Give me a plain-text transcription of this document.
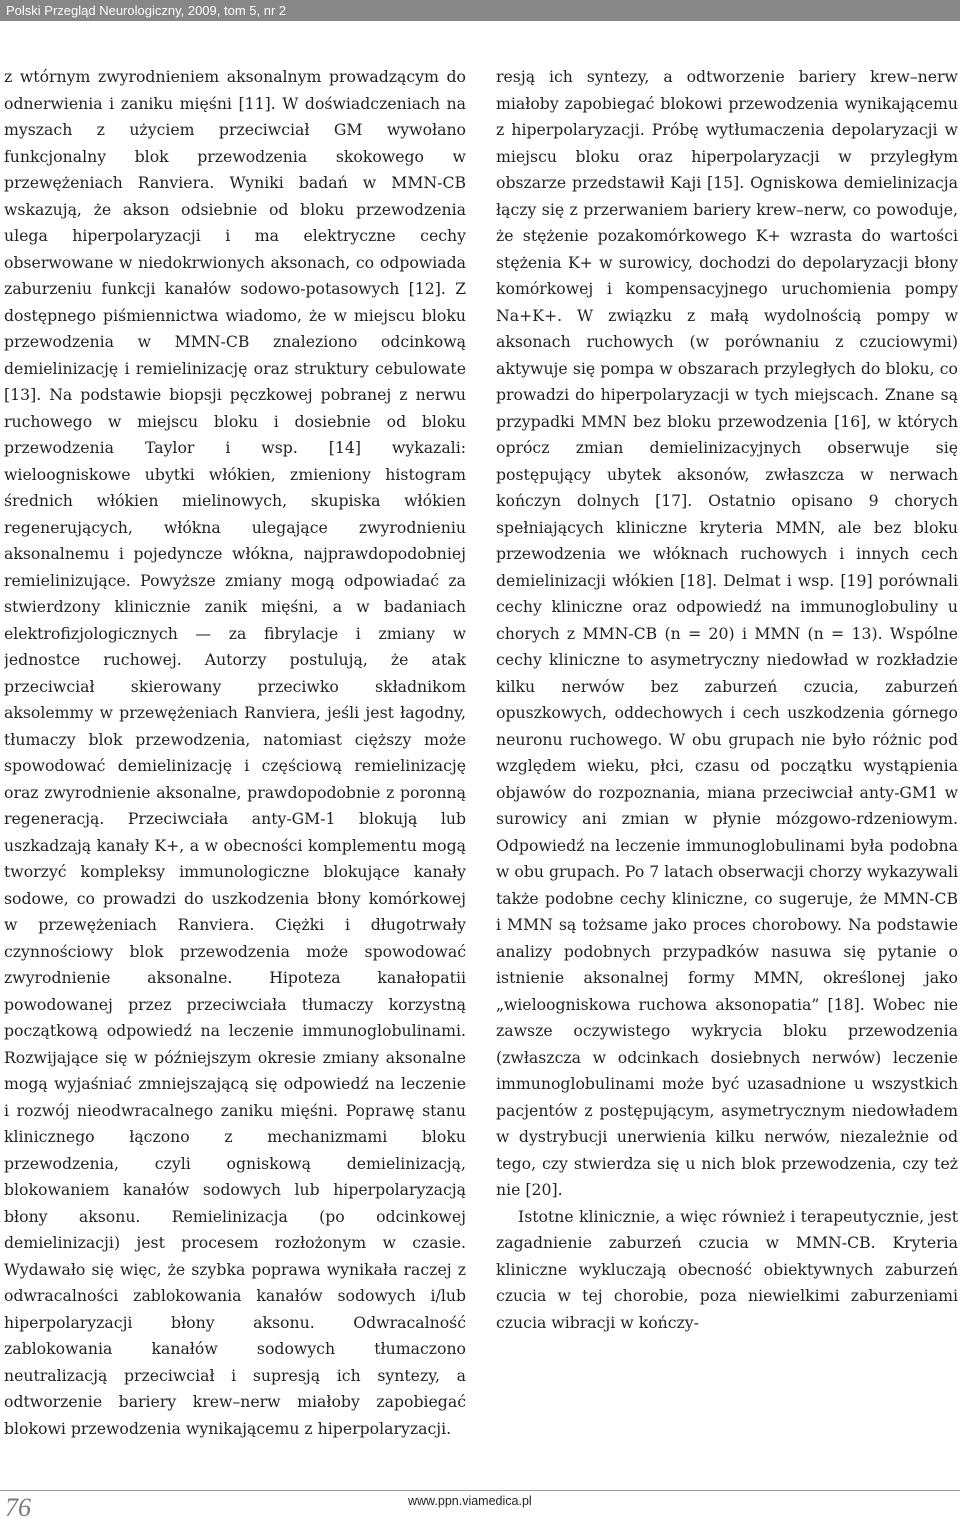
Polski Przegląd Neurologiczny, 2009, tom 5, nr 2

z wtórnym zwyrodnieniem aksonalnym prowadzącym do odnerwienia i zaniku mięśni [11]. W doświadczeniach na myszach z użyciem przeciwciał GM wywołano funkcjonalny blok przewodzenia skokowego w przewężeniach Ranviera. Wyniki badań w MMN-CB wskazują, że akson odsiebnie od bloku przewodzenia ulega hiperpolaryzacji i ma elektryczne cechy obserwowane w niedokrwionych aksonach, co odpowiada zaburzeniu funkcji kanałów sodowo-potasowych [12]. Z dostępnego piśmiennictwa wiadomo, że w miejscu bloku przewodzenia w MMN-CB znaleziono odcinkową demielinizację i remielinizację oraz struktury cebulowate [13]. Na podstawie biopsji pęczkowej pobranej z nerwu ruchowego w miejscu bloku i dosiebnie od bloku przewodzenia Taylor i wsp. [14] wykazali: wieloogniskowe ubytki włókien, zmieniony histogram średnich włókien mielinowych, skupiska włókien regenerujących, włókna ulegające zwyrodnieniu aksonalnemu i pojedyncze włókna, najprawdopodobniej remielinizujące. Powyższe zmiany mogą odpowiadać za stwierdzony klinicznie zanik mięśni, a w badaniach elektrofizjologicznych — za fibrylacje i zmiany w jednostce ruchowej. Autorzy postulują, że atak przeciwciał skierowany przeciwko składnikom aksolemmy w przewężeniach Ranviera, jeśli jest łagodny, tłumaczy blok przewodzenia, natomiast cięższy może spowodować demielinizację i częściową remielinizację oraz zwyrodnienie aksonalne, prawdopodobnie z poronną regeneracją. Przeciwciała anty-GM-1 blokują lub uszkadzają kanały K+, a w obecności komplementu mogą tworzyć kompleksy immunologiczne blokujące kanały sodowe, co prowadzi do uszkodzenia błony komórkowej w przewężeniach Ranviera. Ciężki i długotrwały czynnościowy blok przewodzenia może spowodować zwyrodnienie aksonalne. Hipoteza kanałopatii powodowanej przez przeciwciała tłumaczy korzystną początkową odpowiedź na leczenie immunoglobulinami. Rozwijające się w późniejszym okresie zmiany aksonalne mogą wyjaśniać zmniejszającą się odpowiedź na leczenie i rozwój nieodwracalnego zaniku mięśni. Poprawę stanu klinicznego łączono z mechanizmami bloku przewodzenia, czyli ogniskową demielinizacją, blokowaniem kanałów sodowych lub hiperpolaryzacją błony aksonu. Remielinizacja (po odcinkowej demielinizacji) jest procesem rozłożonym w czasie. Wydawało się więc, że szybka poprawa wynikała raczej z odwracalności zablokowania kanałów sodowych i/lub hiperpolaryzacji błony aksonu. Odwracalność zablokowania kanałów sodowych tłumaczono neutralizacją przeciwciał i supresją ich syntezy, a odtworzenie bariery krew–nerw miałoby zapobiegać blokowi przewodzenia wynikającemu z hiperpolaryzacji.

resją ich syntezy, a odtworzenie bariery krew–nerw miałoby zapobiegać blokowi przewodzenia wynikającemu z hiperpolaryzacji. Próbę wytłumaczenia depolaryzacji w miejscu bloku oraz hiperpolaryzacji w przyległym obszarze przedstawił Kaji [15]. Ogniskowa demielinizacja łączy się z przerwaniem bariery krew–nerw, co powoduje, że stężenie pozakomórkowego K+ wzrasta do wartości stężenia K+ w surowicy, dochodzi do depolaryzacji błony komórkowej i kompensacyjnego uruchomienia pompy Na+K+. W związku z małą wydolnością pompy w aksonach ruchowych (w porównaniu z czuciowymi) aktywuje się pompa w obszarach przyległych do bloku, co prowadzi do hiperpolaryzacji w tych miejscach. Znane są przypadki MMN bez bloku przewodzenia [16], w których oprócz zmian demielinizacyjnych obserwuje się postępujący ubytek aksonów, zwłaszcza w nerwach kończyn dolnych [17]. Ostatnio opisano 9 chorych spełniających kliniczne kryteria MMN, ale bez bloku przewodzenia we włóknach ruchowych i innych cech demielinizacji włókien [18]. Delmat i wsp. [19] porównali cechy kliniczne oraz odpowiedź na immunoglobuliny u chorych z MMN-CB (n = 20) i MMN (n = 13). Wspólne cechy kliniczne to asymetryczny niedowład w rozkładzie kilku nerwów bez zaburzeń czucia, zaburzeń opuszkowych, oddechowych i cech uszkodzenia górnego neuronu ruchowego. W obu grupach nie było różnic pod względem wieku, płci, czasu od początku wystąpienia objawów do rozpoznania, miana przeciwciał anty-GM1 w surowicy ani zmian w płynie mózgowo-rdzeniowym. Odpowiedź na leczenie immunoglobulinami była podobna w obu grupach. Po 7 latach obserwacji chorzy wykazywali także podobne cechy kliniczne, co sugeruje, że MMN-CB i MMN są tożsame jako proces chorobowy. Na podstawie analizy podobnych przypadków nasuwa się pytanie o istnienie aksonalnej formy MMN, określonej jako „wieloogniskowa ruchowa aksonopatia” [18]. Wobec nie zawsze oczywistego wykrycia bloku przewodzenia (zwłaszcza w odcinkach dosiebnych nerwów) leczenie immunoglobulinami może być uzasadnione u wszystkich pacjentów z postępującym, asymetrycznym niedowładem w dystrybucji unerwienia kilku nerwów, niezależnie od tego, czy stwierdza się u nich blok przewodzenia, czy też nie [20].

Istotne klinicznie, a więc również i terapeutycznie, jest zagadnienie zaburzeń czucia w MMN-CB. Kryteria kliniczne wykluczają obecność obiektywnych zaburzeń czucia w tej chorobie, poza niewielkimi zaburzeniami czucia wibracji w kończy-

76	www.ppn.viamedica.pl
